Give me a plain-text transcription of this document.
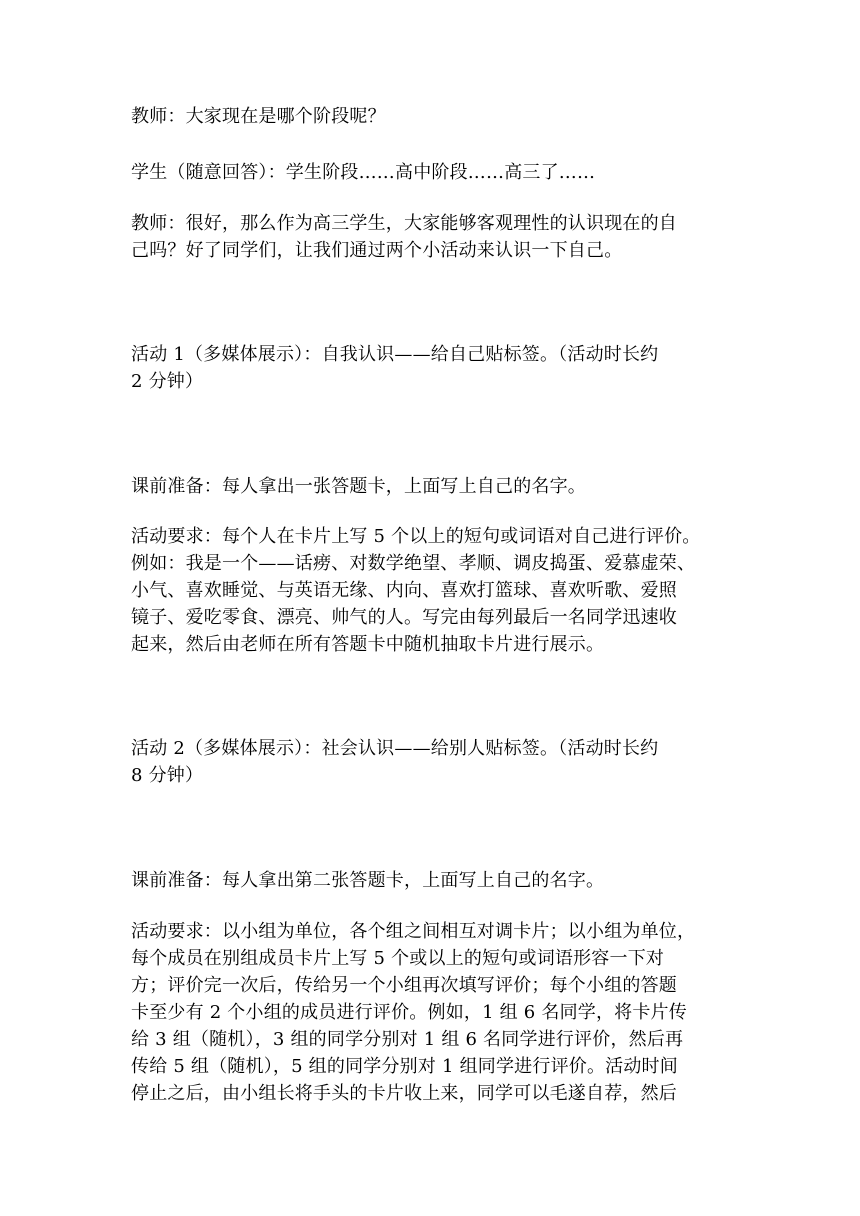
教师：大家现在是哪个阶段呢？

学生（随意回答）：学生阶段……高中阶段……高三了……

教师：很好，那么作为高三学生，大家能够客观理性的认识现在的自
己吗？好了同学们，让我们通过两个小活动来认识一下自己。

活动 1（多媒体展示）：自我认识——给自己贴标签。（活动时长约
2 分钟）

课前准备：每人拿出一张答题卡，上面写上自己的名字。

活动要求：每个人在卡片上写 5 个以上的短句或词语对自己进行评价。
例如：我是一个——话痨、对数学绝望、孝顺、调皮捣蛋、爱慕虚荣、
小气、喜欢睡觉、与英语无缘、内向、喜欢打篮球、喜欢听歌、爱照
镜子、爱吃零食、漂亮、帅气的人。写完由每列最后一名同学迅速收
起来，然后由老师在所有答题卡中随机抽取卡片进行展示。

活动 2（多媒体展示）：社会认识——给别人贴标签。（活动时长约
8 分钟）

课前准备：每人拿出第二张答题卡，上面写上自己的名字。

活动要求：以小组为单位，各个组之间相互对调卡片；以小组为单位，
每个成员在别组成员卡片上写 5 个或以上的短句或词语形容一下对
方；评价完一次后，传给另一个小组再次填写评价；每个小组的答题
卡至少有 2 个小组的成员进行评价。例如，1 组 6 名同学，将卡片传
给 3 组（随机），3 组的同学分别对 1 组 6 名同学进行评价，然后再
传给 5 组（随机），5 组的同学分别对 1 组同学进行评价。活动时间
停止之后，由小组长将手头的卡片收上来，同学可以毛遂自荐，然后
